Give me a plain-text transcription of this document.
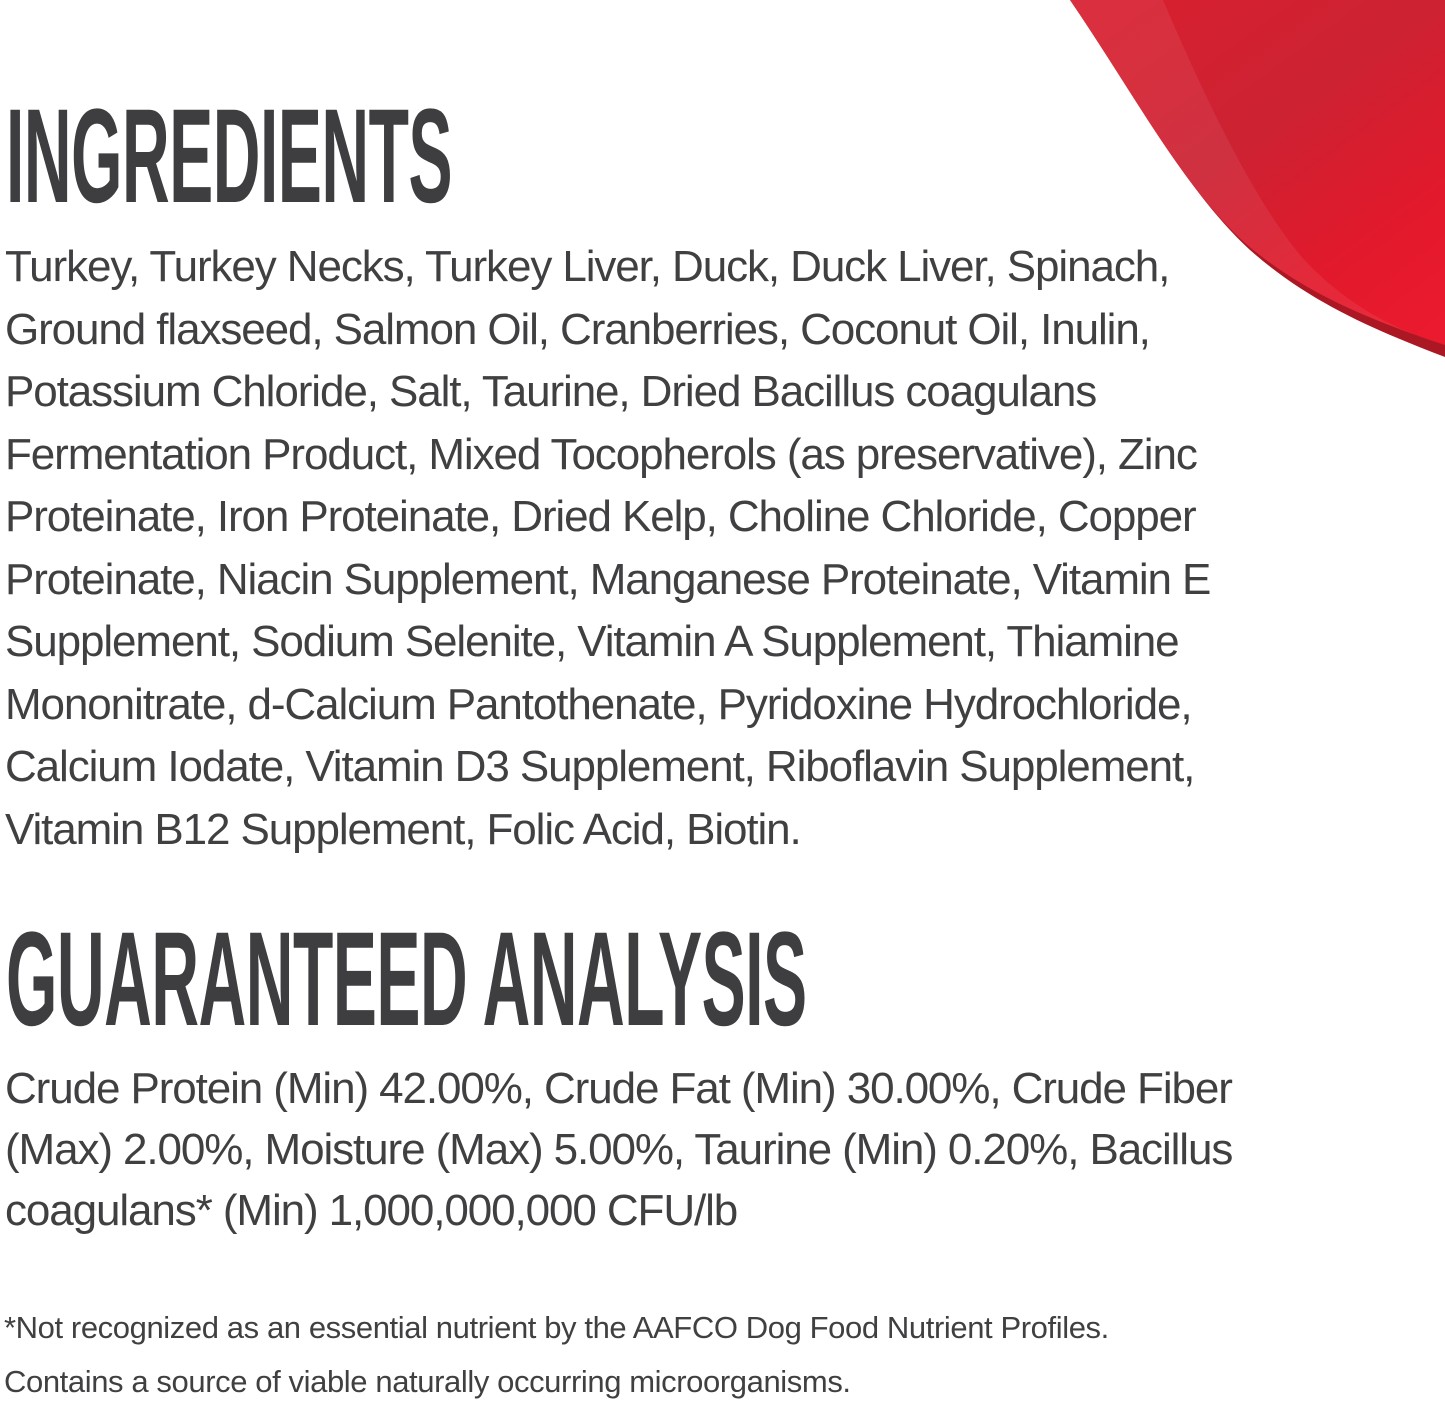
INGREDIENTS
Turkey, Turkey Necks, Turkey Liver, Duck, Duck Liver, Spinach,
Ground flaxseed, Salmon Oil, Cranberries, Coconut Oil, Inulin,
Potassium Chloride, Salt, Taurine, Dried Bacillus coagulans
Fermentation Product, Mixed Tocopherols (as preservative), Zinc
Proteinate, Iron Proteinate, Dried Kelp, Choline Chloride, Copper
Proteinate, Niacin Supplement, Manganese Proteinate, Vitamin E
Supplement, Sodium Selenite, Vitamin A Supplement, Thiamine
Mononitrate, d-Calcium Pantothenate, Pyridoxine Hydrochloride,
Calcium Iodate, Vitamin D3 Supplement, Riboflavin Supplement,
Vitamin B12 Supplement, Folic Acid, Biotin.
GUARANTEED ANALYSIS
Crude Protein (Min) 42.00%, Crude Fat (Min) 30.00%, Crude Fiber
(Max) 2.00%, Moisture (Max) 5.00%, Taurine (Min) 0.20%, Bacillus
coagulans* (Min) 1,000,000,000 CFU/lb
*Not recognized as an essential nutrient by the AAFCO Dog Food Nutrient Profiles.
Contains a source of viable naturally occurring microorganisms.
